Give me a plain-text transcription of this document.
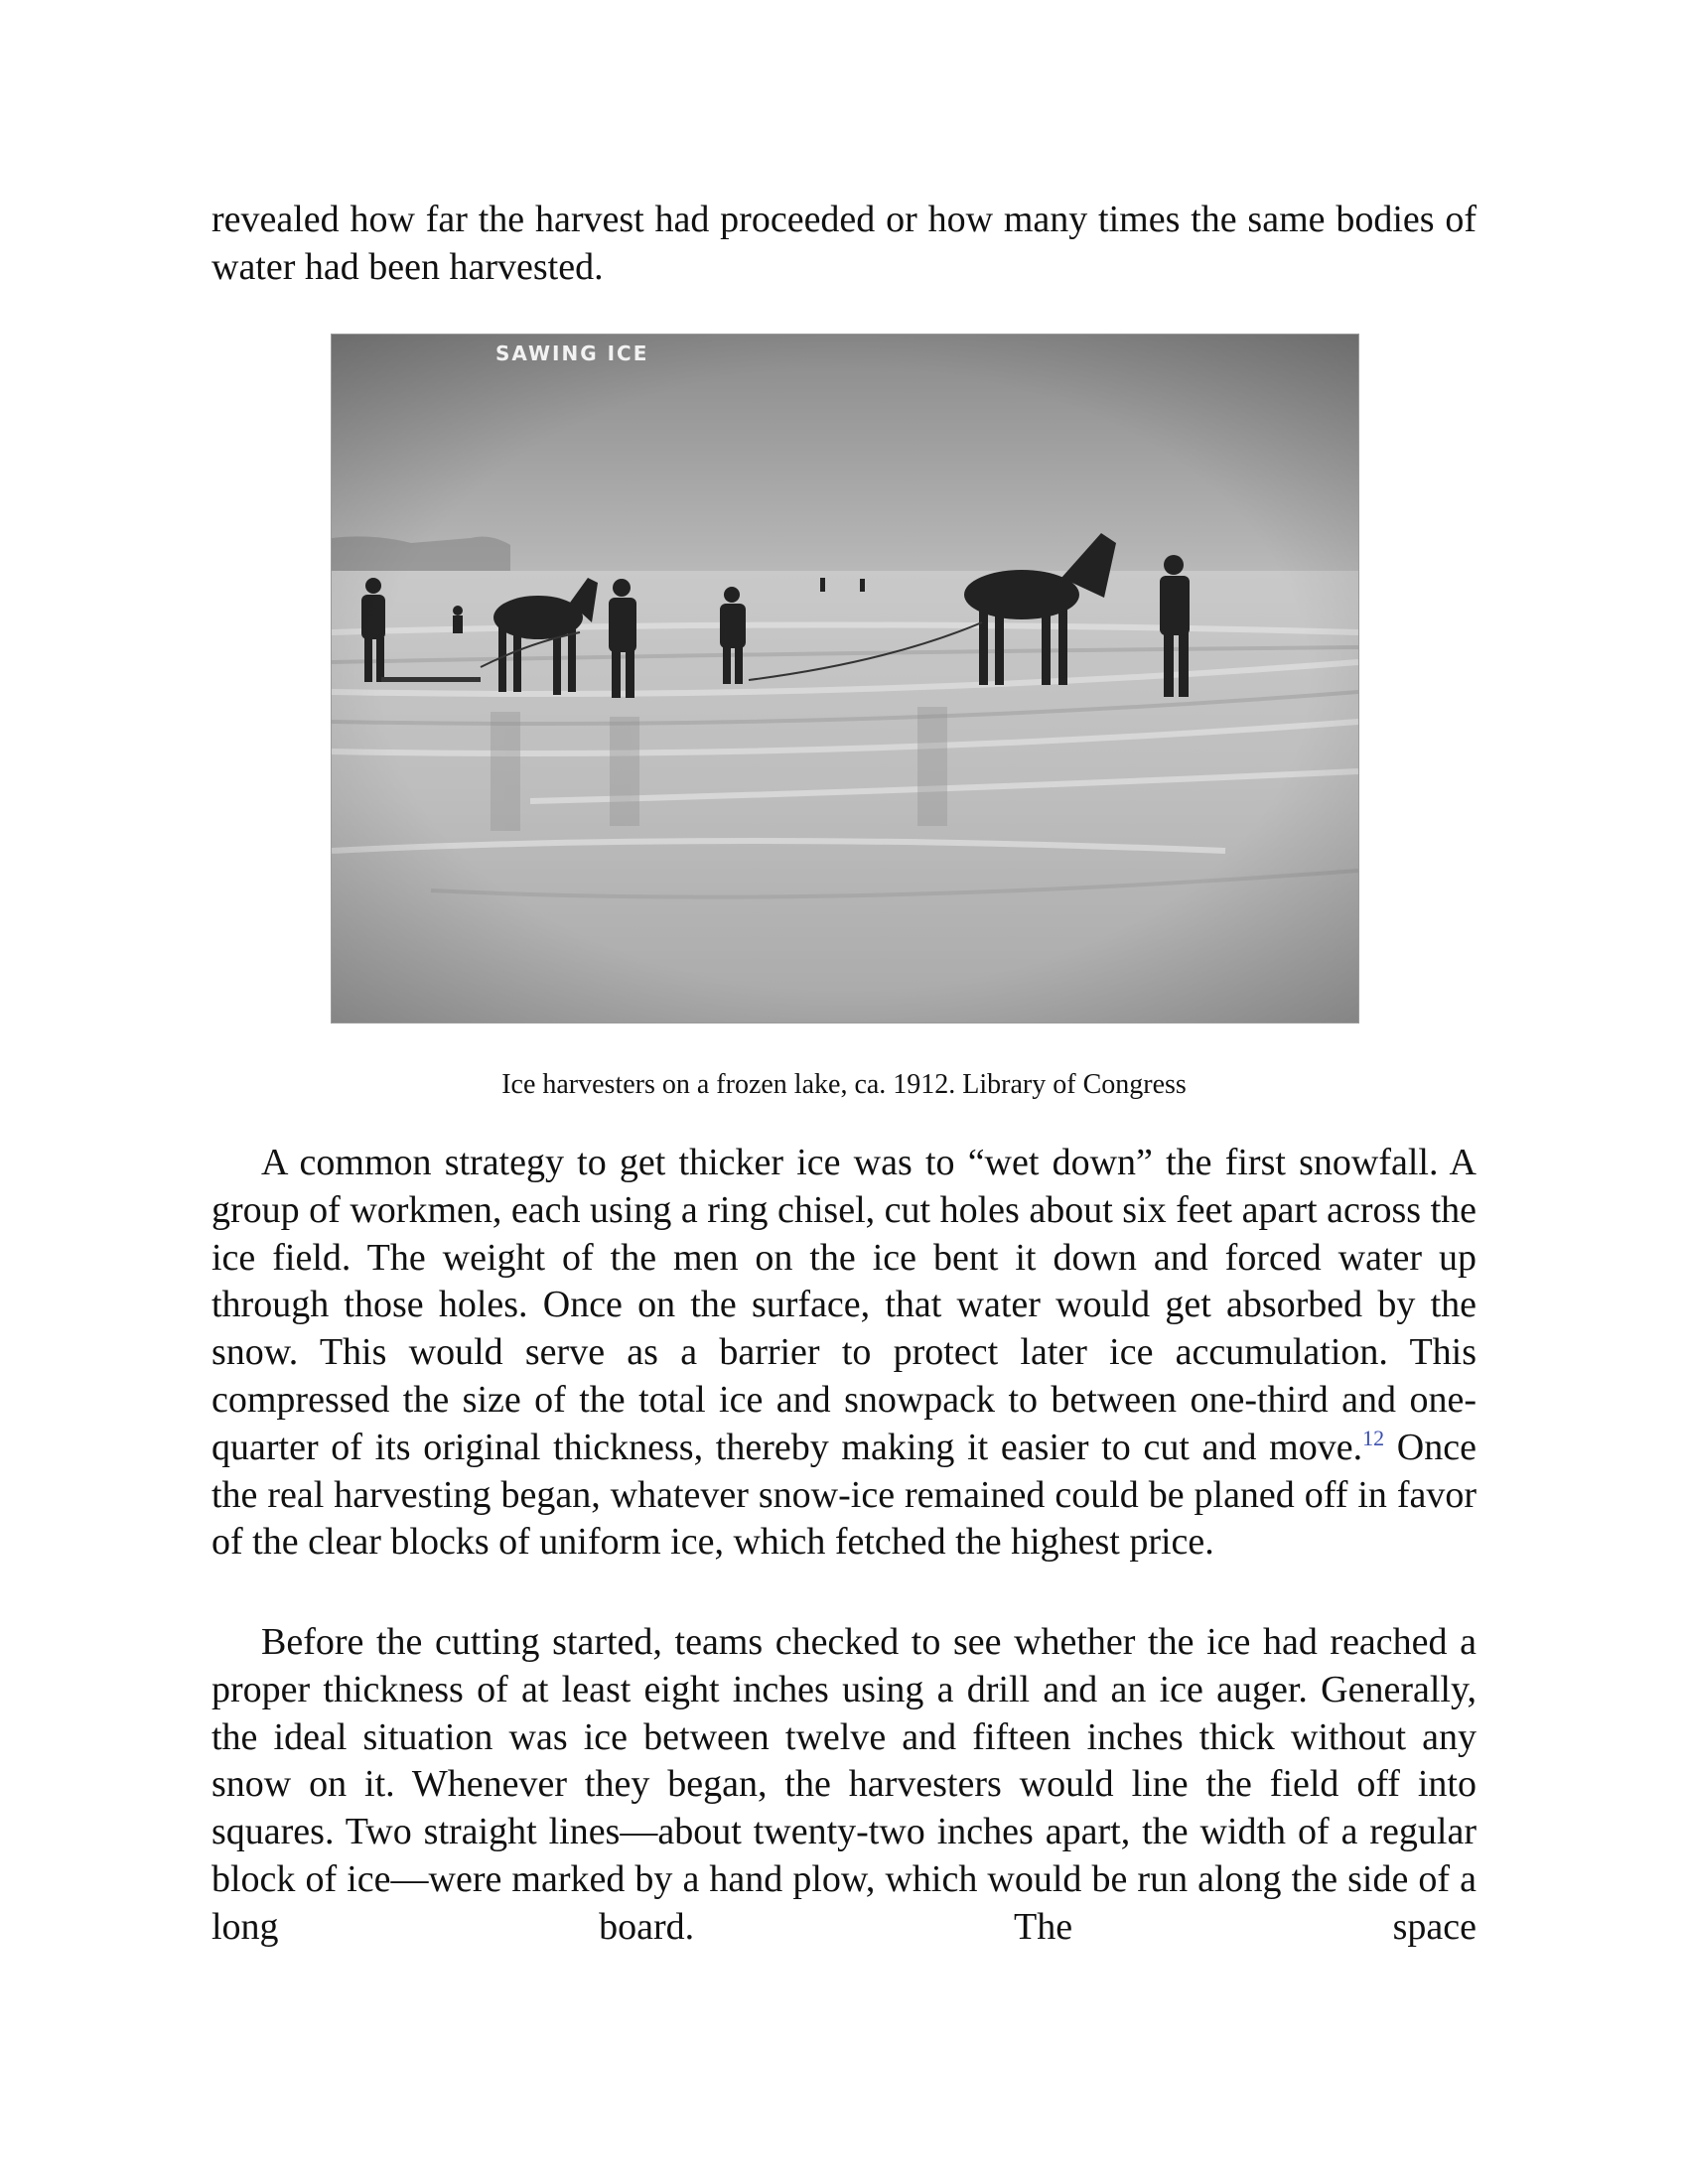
revealed how far the harvest had proceeded or how many times the same bodies of water had been harvested.

SAWING ICE

Ice harvesters on a frozen lake, ca. 1912. Library of Congress

A common strategy to get thicker ice was to “wet down” the first snowfall. A group of workmen, each using a ring chisel, cut holes about six feet apart across the ice field. The weight of the men on the ice bent it down and forced water up through those holes. Once on the surface, that water would get absorbed by the snow. This would serve as a barrier to protect later ice accumulation. This compressed the size of the total ice and snowpack to between one-third and one-quarter of its original thickness, thereby making it easier to cut and move.$^{12}$ Once the real harvesting began, whatever snow-ice remained could be planed off in favor of the clear blocks of uniform ice, which fetched the highest price.

Before the cutting started, teams checked to see whether the ice had reached a proper thickness of at least eight inches using a drill and an ice auger. Generally, the ideal situation was ice between twelve and fifteen inches thick without any snow on it. Whenever they began, the harvesters would line the field off into squares. Two straight lines—about twenty-two inches apart, the width of a regular block of ice—were marked by a hand plow, which would be run along the side of a long board. The space
